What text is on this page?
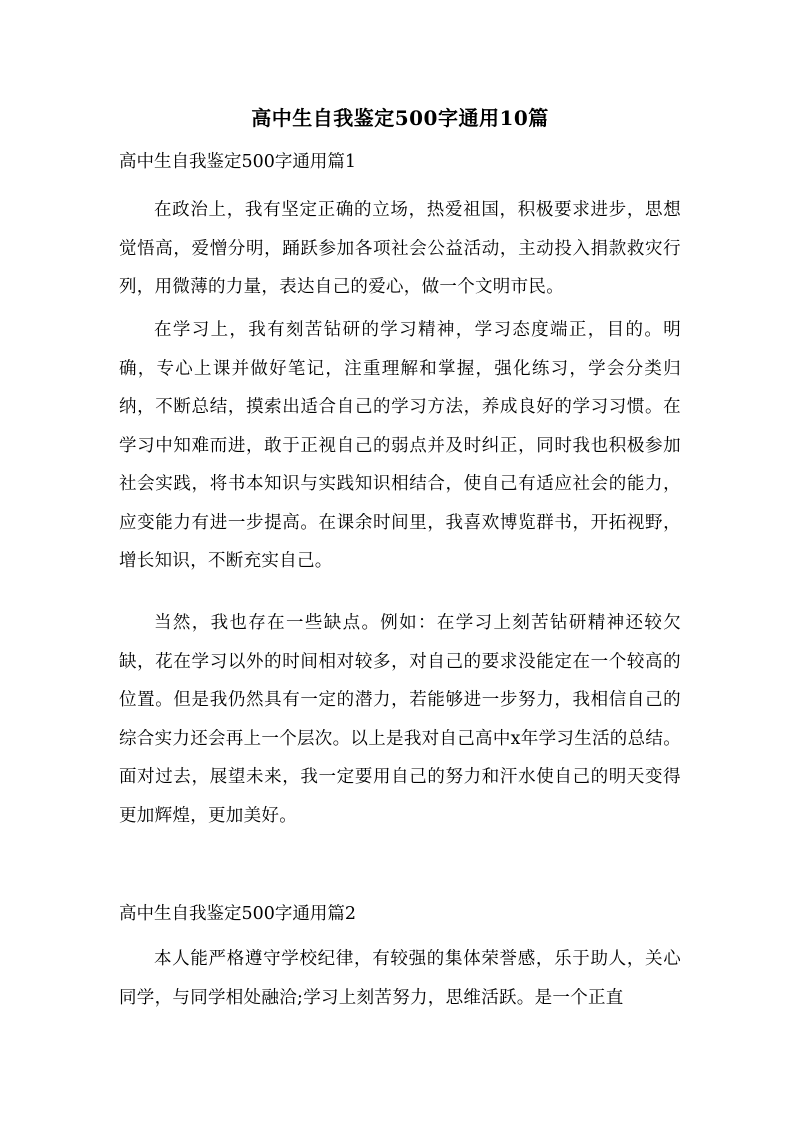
高中生自我鉴定500字通用10篇
高中生自我鉴定500字通用篇1
在政治上，我有坚定正确的立场，热爱祖国，积极要求进步，思想觉悟高，爱憎分明，踊跃参加各项社会公益活动，主动投入捐款救灾行列，用微薄的力量，表达自己的爱心，做一个文明市民。
在学习上，我有刻苦钻研的学习精神，学习态度端正，目的。明确，专心上课并做好笔记，注重理解和掌握，强化练习，学会分类归纳，不断总结，摸索出适合自己的学习方法，养成良好的学习习惯。在学习中知难而进，敢于正视自己的弱点并及时纠正，同时我也积极参加社会实践，将书本知识与实践知识相结合，使自己有适应社会的能力，应变能力有进一步提高。在课余时间里，我喜欢博览群书，开拓视野，增长知识，不断充实自己。
当然，我也存在一些缺点。例如：在学习上刻苦钻研精神还较欠缺，花在学习以外的时间相对较多，对自己的要求没能定在一个较高的位置。但是我仍然具有一定的潜力，若能够进一步努力，我相信自己的综合实力还会再上一个层次。以上是我对自己高中x年学习生活的总结。面对过去，展望未来，我一定要用自己的努力和汗水使自己的明天变得更加辉煌，更加美好。
高中生自我鉴定500字通用篇2
本人能严格遵守学校纪律，有较强的集体荣誉感，乐于助人，关心同学，与同学相处融洽;学习上刻苦努力，思维活跃。是一个正直
